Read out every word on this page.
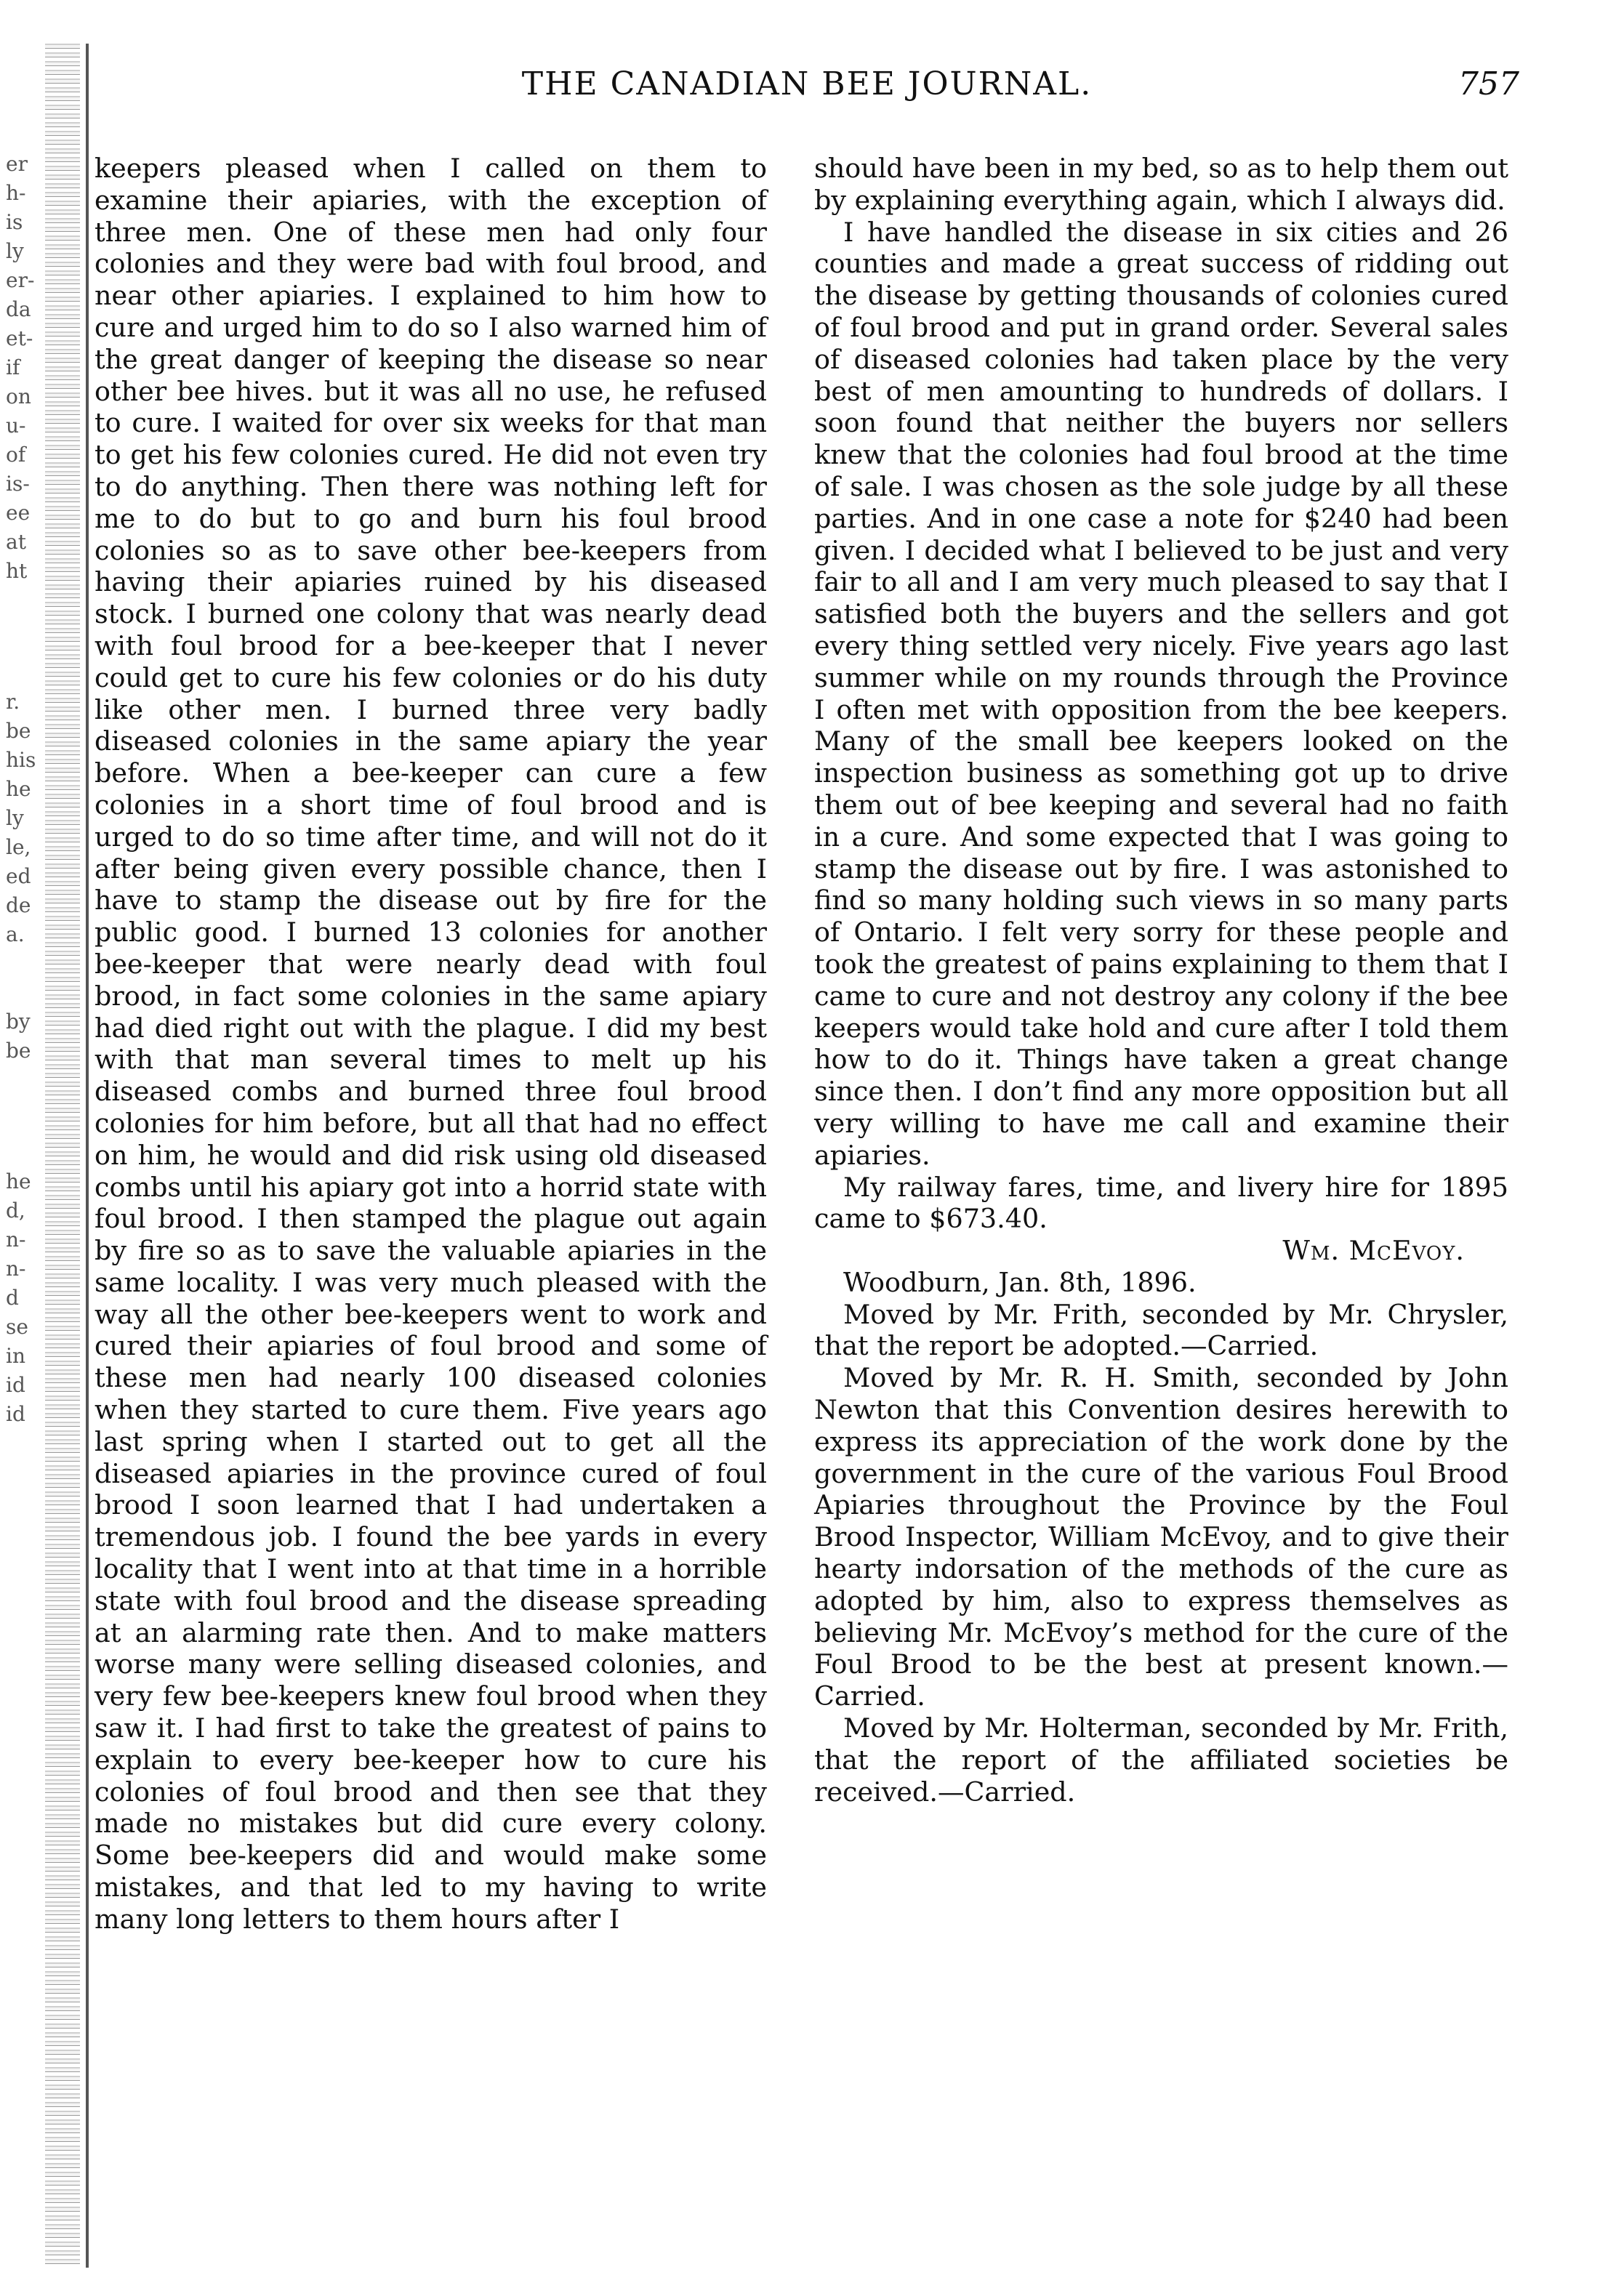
er
h-
is
ly
er-
da
et-
if
on
u-
of
is-
ee
at
ht
r.
be
his
he
ly
le,
ed
de
a.
by
be
he
d,
n-
n-
d
se
in
id
id
THE CANADIAN BEE JOURNAL.	757

keepers pleased when I called on them to examine their apiaries, with the exception of three men. One of these men had only four colonies and they were bad with foul brood, and near other apiaries. I explained to him how to cure and urged him to do so I also warned him of the great danger of keeping the disease so near other bee hives. but it was all no use, he refused to cure. I waited for over six weeks for that man to get his few colonies cured. He did not even try to do anything. Then there was nothing left for me to do but to go and burn his foul brood colonies so as to save other bee-keepers from having their apiaries ruined by his diseased stock. I burned one colony that was nearly dead with foul brood for a bee-keeper that I never could get to cure his few colonies or do his duty like other men. I burned three very badly diseased colonies in the same apiary the year before. When a bee-keeper can cure a few colonies in a short time of foul brood and is urged to do so time after time, and will not do it after being given every possible chance, then I have to stamp the disease out by fire for the public good. I burned 13 colonies for another bee-keeper that were nearly dead with foul brood, in fact some colonies in the same apiary had died right out with the plague. I did my best with that man several times to melt up his diseased combs and burned three foul brood colonies for him before, but all that had no effect on him, he would and did risk using old diseased combs until his apiary got into a horrid state with foul brood. I then stamped the plague out again by fire so as to save the valuable apiaries in the same locality. I was very much pleased with the way all the other bee-keepers went to work and cured their apiaries of foul brood and some of these men had nearly 100 diseased colonies when they started to cure them. Five years ago last spring when I started out to get all the diseased apiaries in the province cured of foul brood I soon learned that I had undertaken a tremendous job. I found the bee yards in every locality that I went into at that time in a horrible state with foul brood and the disease spreading at an alarming rate then. And to make matters worse many were selling diseased colonies, and very few bee-keepers knew foul brood when they saw it. I had first to take the greatest of pains to explain to every bee-keeper how to cure his colonies of foul brood and then see that they made no mistakes but did cure every colony. Some bee-keepers did and would make some mistakes, and that led to my having to write many long letters to them hours after I

should have been in my bed, so as to help them out by explaining everything again, which I always did.

I have handled the disease in six cities and 26 counties and made a great success of ridding out the disease by getting thousands of colonies cured of foul brood and put in grand order. Several sales of diseased colonies had taken place by the very best of men amounting to hundreds of dollars. I soon found that neither the buyers nor sellers knew that the colonies had foul brood at the time of sale. I was chosen as the sole judge by all these parties. And in one case a note for $240 had been given. I decided what I believed to be just and very fair to all and I am very much pleased to say that I satisfied both the buyers and the sellers and got every thing settled very nicely. Five years ago last summer while on my rounds through the Province I often met with opposition from the bee keepers. Many of the small bee keepers looked on the inspection business as something got up to drive them out of bee keeping and several had no faith in a cure. And some expected that I was going to stamp the disease out by fire. I was astonished to find so many holding such views in so many parts of Ontario. I felt very sorry for these people and took the greatest of pains explaining to them that I came to cure and not destroy any colony if the bee keepers would take hold and cure after I told them how to do it. Things have taken a great change since then. I don’t find any more opposition but all very willing to have me call and examine their apiaries.

My railway fares, time, and livery hire for 1895 came to $673.40.

Wm. McEvoy.

Woodburn, Jan. 8th, 1896.

Moved by Mr. Frith, seconded by Mr. Chrysler, that the report be adopted.—Carried.

Moved by Mr. R. H. Smith, seconded by John Newton that this Convention desires herewith to express its appreciation of the work done by the government in the cure of the various Foul Brood Apiaries throughout the Province by the Foul Brood Inspector, William McEvoy, and to give their hearty indorsation of the methods of the cure as adopted by him, also to express themselves as believing Mr. McEvoy’s method for the cure of the Foul Brood to be the best at present known.—Carried.

Moved by Mr. Holterman, seconded by Mr. Frith, that the report of the affiliated societies be received.—Carried.
